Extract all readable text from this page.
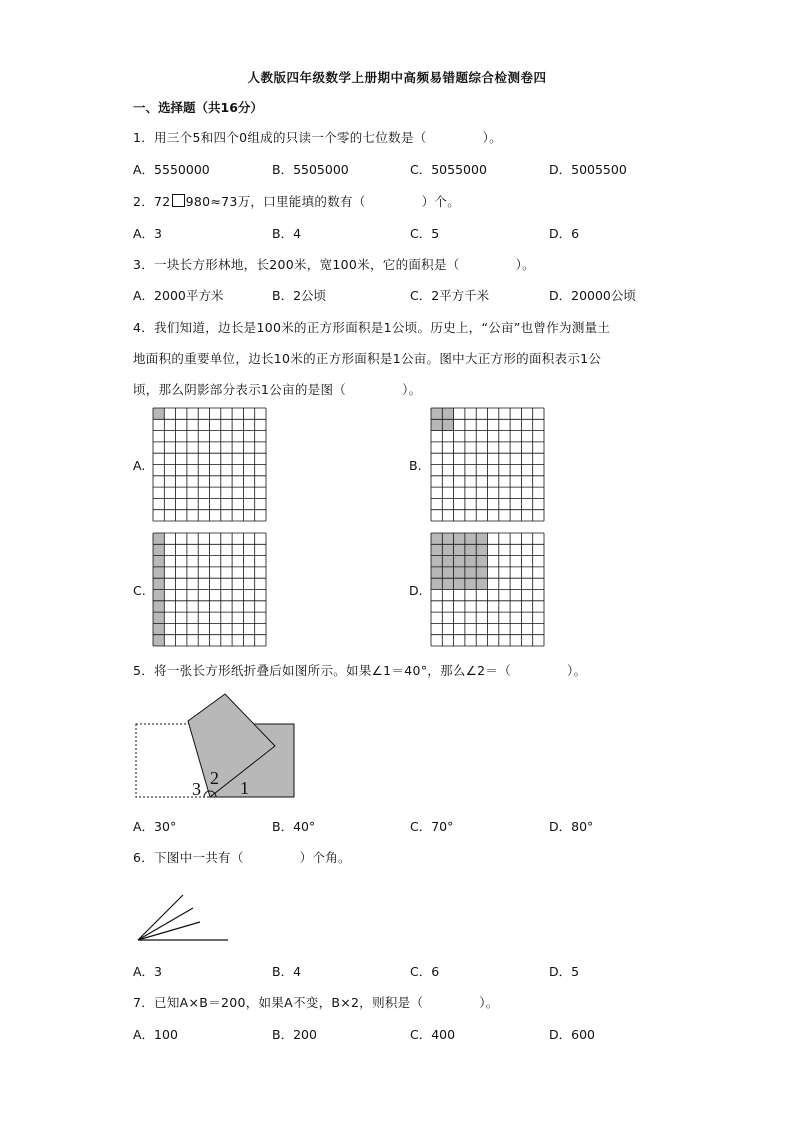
人教版四年级数学上册期中高频易错题综合检测卷四
一、选择题（共16分）
1．用三个5和四个0组成的只读一个零的七位数是（	）。
A．5550000	B．5505000	C．5055000	D．5005500
2．72 980≈73万，口里能填的数有（	）个。
A．3	B．4	C．5	D．6
3．一块长方形林地，长200米，宽100米，它的面积是（	）。
A．2000平方米	B．2公顷	C．2平方千米	D．20000公顷
4．我们知道，边长是100米的正方形面积是1公顷。历史上，“公亩”也曾作为测量土
地面积的重要单位，边长10米的正方形面积是1公亩。图中大正方形的面积表示1公
顷，那么阴影部分表示1公亩的是图（	）。
A.	B.
C.	D.
5．将一张长方形纸折叠后如图所示。如果∠1＝40°，那么∠2＝（	）。
3
2 1
A．30°	B．40°	C．70°	D．80°
6．下图中一共有（	）个角。
A．3	B．4	C．6	D．5
7．已知A×B＝200，如果A不变，B×2，则积是（	）。
A．100	B．200	C．400	D．600
